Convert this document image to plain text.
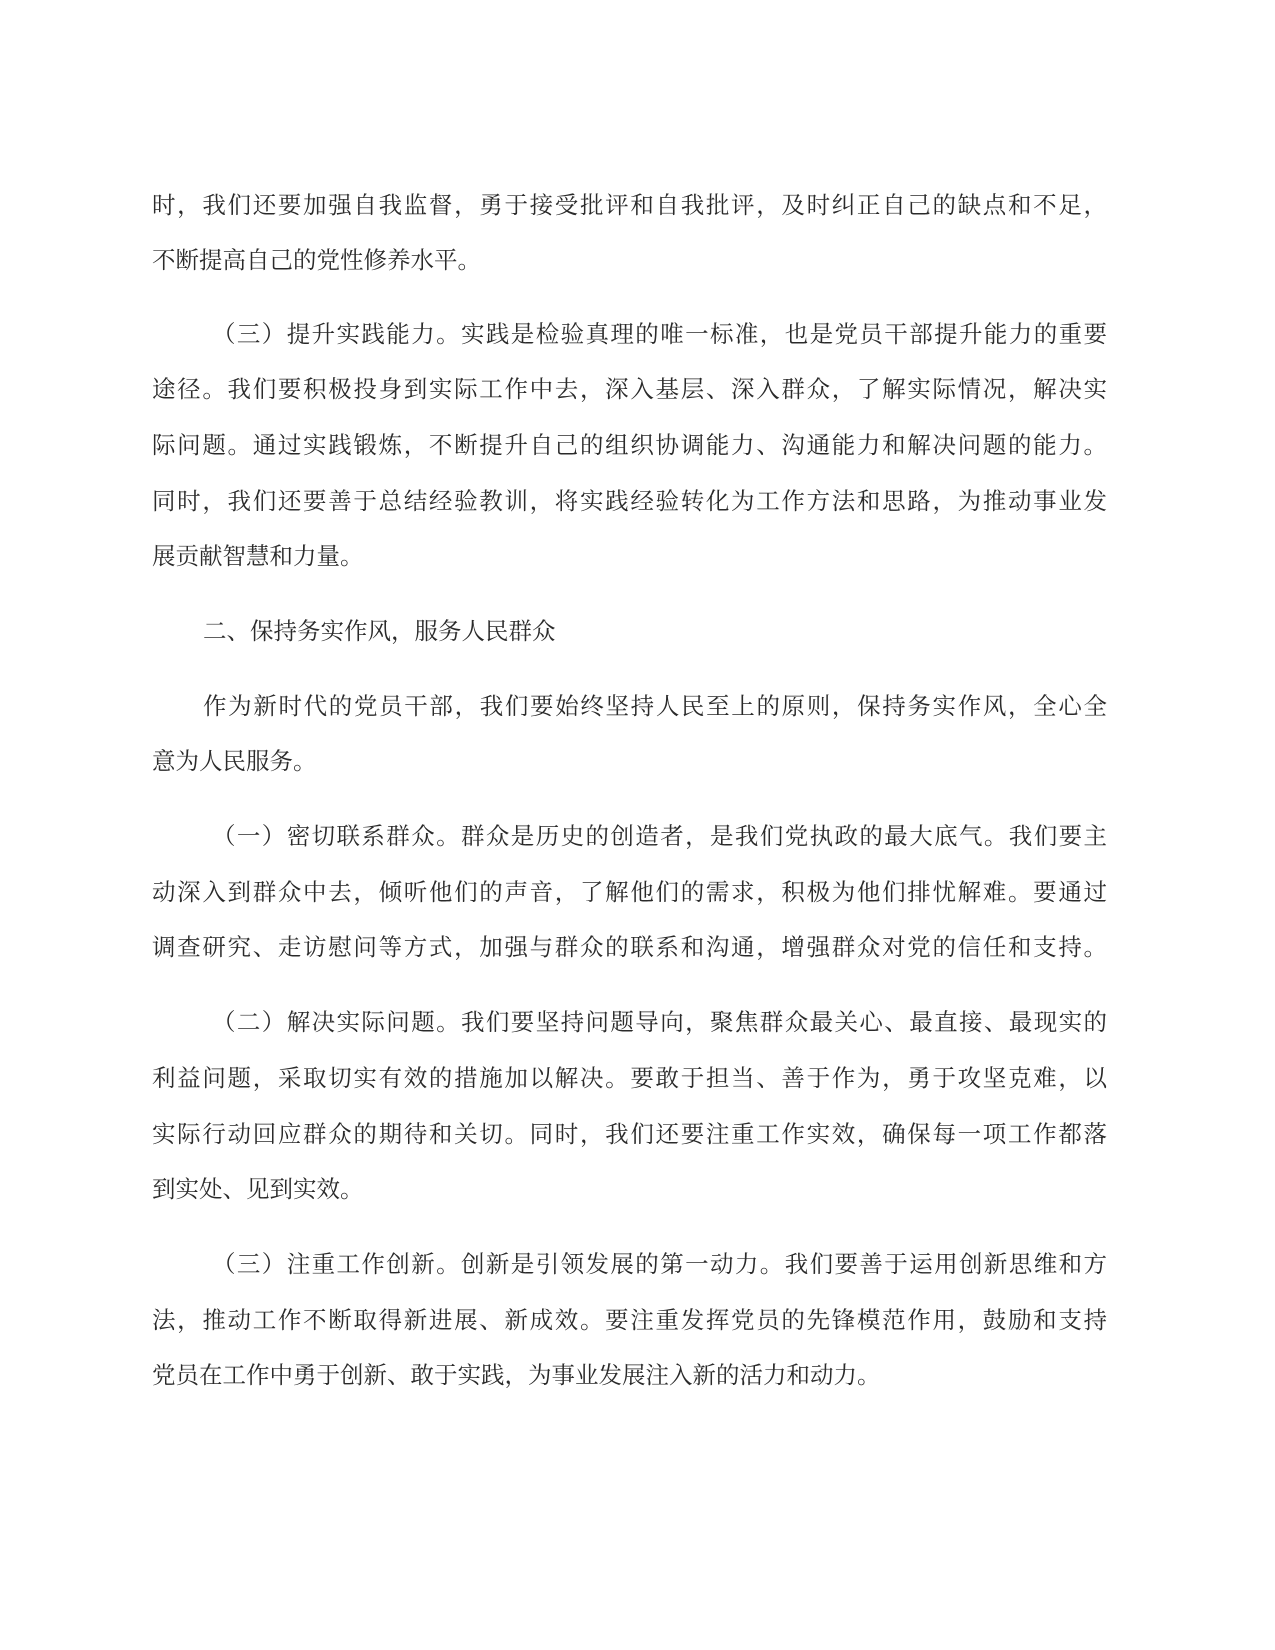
时，我们还要加强自我监督，勇于接受批评和自我批评，及时纠正自己的缺点和不足，
不断提高自己的党性修养水平。
（三）提升实践能力。实践是检验真理的唯一标准，也是党员干部提升能力的重要
途径。我们要积极投身到实际工作中去，深入基层、深入群众，了解实际情况，解决实
际问题。通过实践锻炼，不断提升自己的组织协调能力、沟通能力和解决问题的能力。
同时，我们还要善于总结经验教训，将实践经验转化为工作方法和思路，为推动事业发
展贡献智慧和力量。
二、保持务实作风，服务人民群众
作为新时代的党员干部，我们要始终坚持人民至上的原则，保持务实作风，全心全
意为人民服务。
（一）密切联系群众。群众是历史的创造者，是我们党执政的最大底气。我们要主
动深入到群众中去，倾听他们的声音，了解他们的需求，积极为他们排忧解难。要通过
调查研究、走访慰问等方式，加强与群众的联系和沟通，增强群众对党的信任和支持。
（二）解决实际问题。我们要坚持问题导向，聚焦群众最关心、最直接、最现实的
利益问题，采取切实有效的措施加以解决。要敢于担当、善于作为，勇于攻坚克难，以
实际行动回应群众的期待和关切。同时，我们还要注重工作实效，确保每一项工作都落
到实处、见到实效。
（三）注重工作创新。创新是引领发展的第一动力。我们要善于运用创新思维和方
法，推动工作不断取得新进展、新成效。要注重发挥党员的先锋模范作用，鼓励和支持
党员在工作中勇于创新、敢于实践，为事业发展注入新的活力和动力。
